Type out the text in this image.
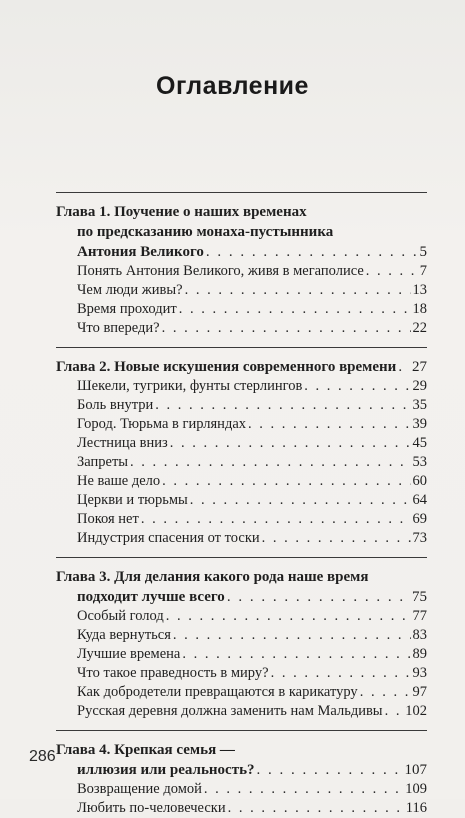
Оглавление
Глава 1. Поучение о наших временах
по предсказанию монаха-пустынника
Антония Великого . . .	5
Понять Антония Великого, живя в мегаполисе . . .	7
Чем люди живы? . . .	13
Время проходит . . .	18
Что впереди? . . .	22
Глава 2. Новые искушения современного времени . . . 27
Шекели, тугрики, фунты стерлингов . . .	29
Боль внутри . . .	35
Город. Тюрьма в гирляндах . . .	39
Лестница вниз . . .	45
Запреты . . .	53
Не ваше дело . . .	60
Церкви и тюрьмы . . .	64
Покоя нет . . .	69
Индустрия спасения от тоски . . .	73
Глава 3. Для делания какого рода наше время
подходит лучше всего . . .	75
Особый голод . . .	77
Куда вернуться . . .	83
Лучшие времена . . .	89
Что такое праведность в миру? . . .	93
Как добродетели превращаются в карикатуру . . .	97
Русская деревня должна заменить нам Мальдивы . . . 102
Глава 4. Крепкая семья —
иллюзия или реальность? . . .	107
Возвращение домой . . .	109
Любить по-человечески . . .	116
286
